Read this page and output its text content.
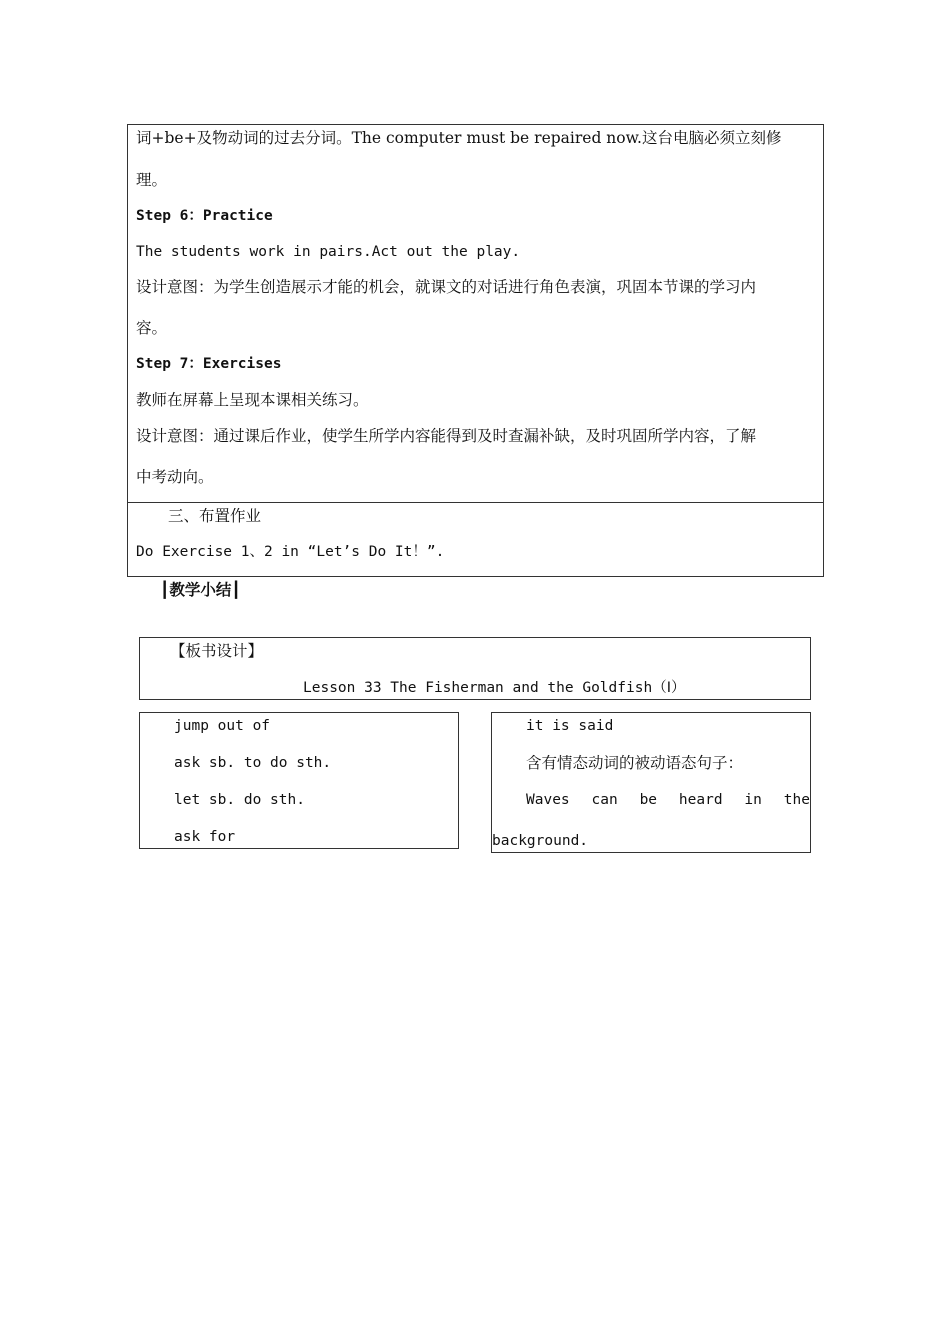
词+be+及物动词的过去分词。The computer must be repaired now.这台电脑必须立刻修
理。
Step 6：Practice
The students work in pairs.Act out the play.
设计意图：为学生创造展示才能的机会，就课文的对话进行角色表演，巩固本节课的学习内
容。
Step 7：Exercises
教师在屏幕上呈现本课相关练习。
设计意图：通过课后作业，使学生所学内容能得到及时查漏补缺，及时巩固所学内容，了解
中考动向。
三、布置作业
Do Exercise 1、2 in “Let’s Do It！”.
┃教学小结┃
【板书设计】
Lesson 33 The Fisherman and the Goldfish（Ⅰ）
jump out of
ask sb. to do sth.
let sb. do sth.
ask for
it is said
含有情态动词的被动语态句子：
Waves can be heard in the
background.
